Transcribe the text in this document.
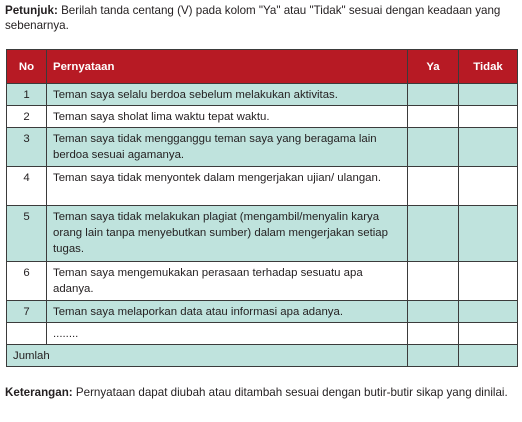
Petunjuk: Berilah tanda centang (V) pada kolom "Ya" atau "Tidak" sesuai dengan keadaan yang sebenarnya.
No	Pernyataan	Ya	Tidak
1	Teman saya selalu berdoa sebelum melakukan aktivitas.		
2	Teman saya sholat lima waktu tepat waktu.		
3	Teman saya tidak mengganggu teman saya yang beragama lain berdoa sesuai agamanya.		
4	Teman saya tidak menyontek dalam mengerjakan ujian/ ulangan.		
5	Teman saya tidak melakukan plagiat (mengambil/menyalin karya orang lain tanpa menyebutkan sumber) dalam mengerjakan setiap tugas.		
6	Teman saya mengemukakan perasaan terhadap sesuatu apa adanya.		
7	Teman saya melaporkan data atau informasi apa adanya.		
	........		
Jumlah			
Keterangan: Pernyataan dapat diubah atau ditambah sesuai dengan butir-butir sikap yang dinilai.
